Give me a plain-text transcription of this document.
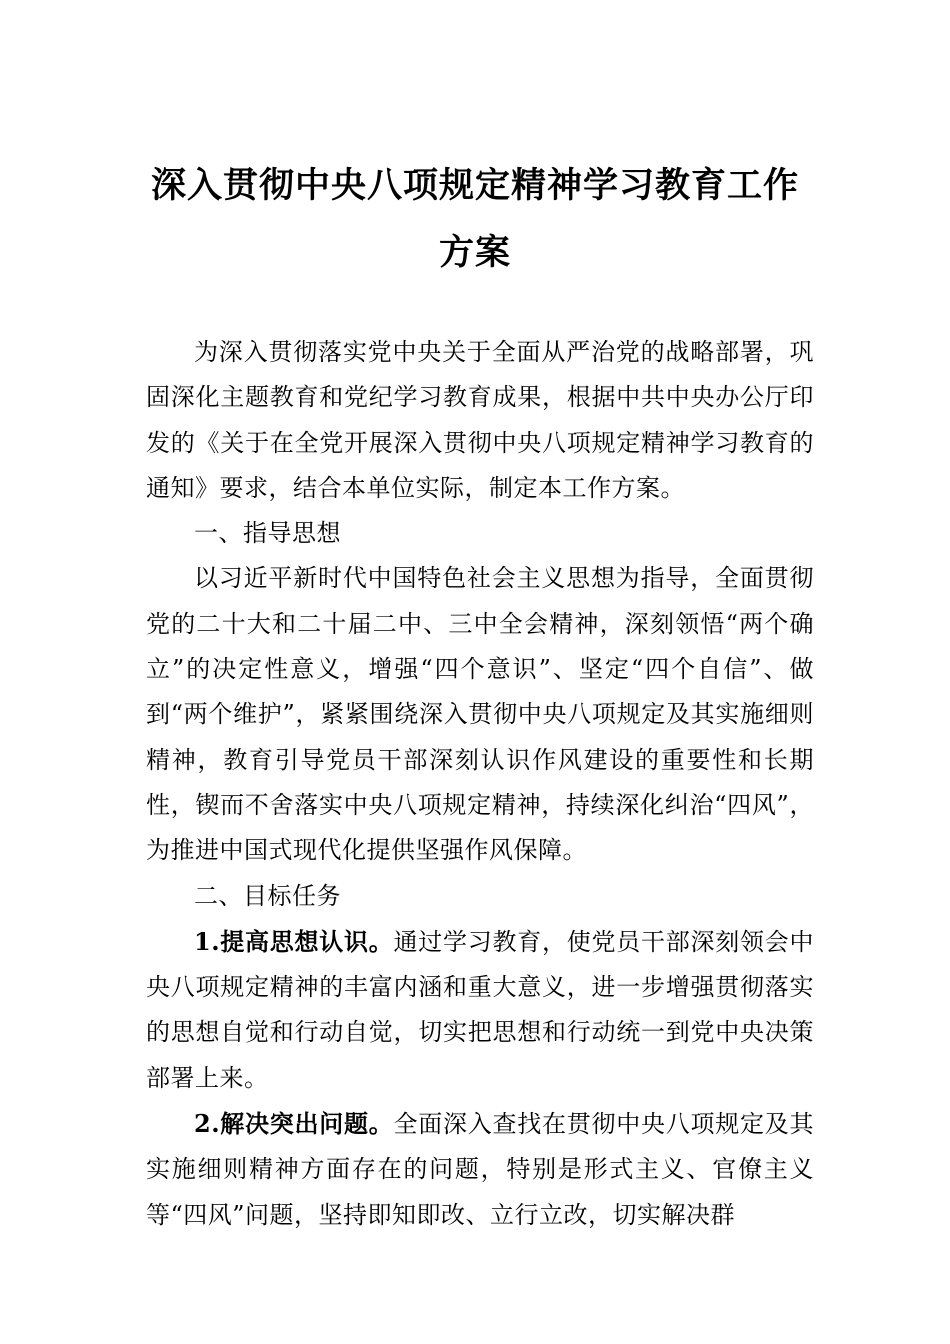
深入贯彻中央八项规定精神学习教育工作
方案

为深入贯彻落实党中央关于全面从严治党的战略部署，巩固深化主题教育和党纪学习教育成果，根据中共中央办公厅印发的《关于在全党开展深入贯彻中央八项规定精神学习教育的通知》要求，结合本单位实际，制定本工作方案。

一、指导思想

以习近平新时代中国特色社会主义思想为指导，全面贯彻党的二十大和二十届二中、三中全会精神，深刻领悟“两个确立”的决定性意义，增强“四个意识”、坚定“四个自信”、做到“两个维护”，紧紧围绕深入贯彻中央八项规定及其实施细则精神，教育引导党员干部深刻认识作风建设的重要性和长期性，锲而不舍落实中央八项规定精神，持续深化纠治“四风”，为推进中国式现代化提供坚强作风保障。

二、目标任务

1.提高思想认识。通过学习教育，使党员干部深刻领会中央八项规定精神的丰富内涵和重大意义，进一步增强贯彻落实的思想自觉和行动自觉，切实把思想和行动统一到党中央决策部署上来。

2.解决突出问题。全面深入查找在贯彻中央八项规定及其实施细则精神方面存在的问题，特别是形式主义、官僚主义等“四风”问题，坚持即知即改、立行立改，切实解决群
